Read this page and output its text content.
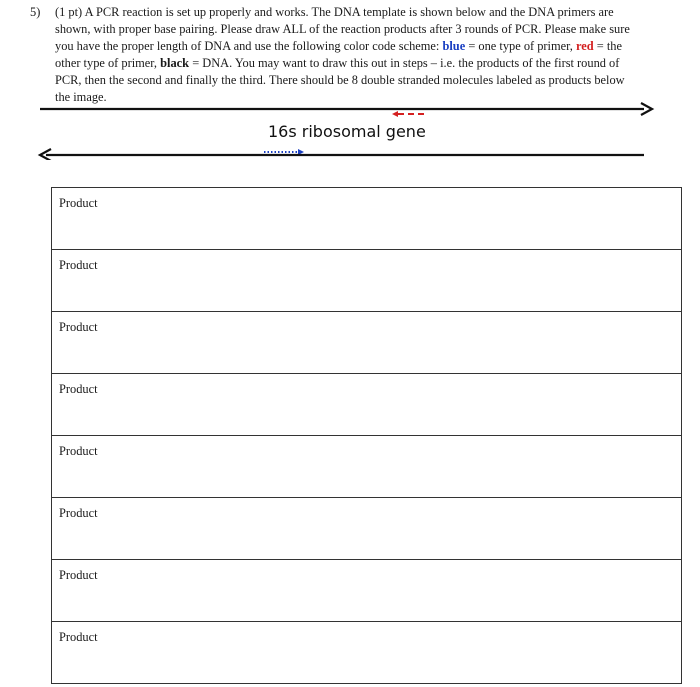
5) (1 pt) A PCR reaction is set up properly and works. The DNA template is shown below and the DNA primers are shown, with proper base pairing. Please draw ALL of the reaction products after 3 rounds of PCR. Please make sure you have the proper length of DNA and use the following color code scheme: blue = one type of primer, red = the other type of primer, black = DNA. You may want to draw this out in steps – i.e. the products of the first round of PCR, then the second and finally the third. There should be 8 double stranded molecules labeled as products below the image.
16s ribosomal gene
Product
Product
Product
Product
Product
Product
Product
Product
